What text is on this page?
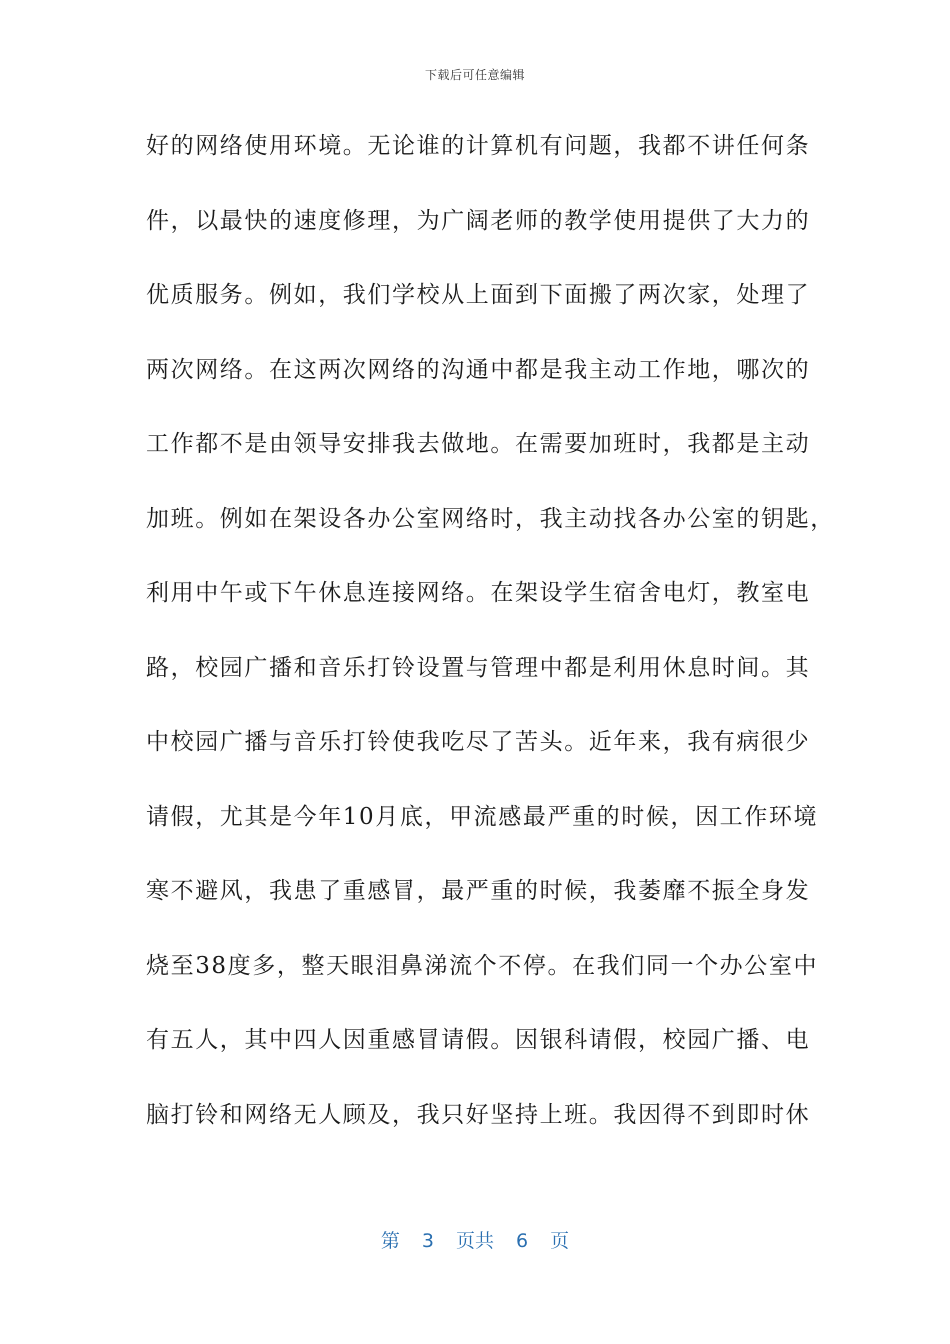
下载后可任意编辑
好的网络使用环境。无论谁的计算机有问题，我都不讲任何条
件，以最快的速度修理，为广阔老师的教学使用提供了大力的
优质服务。例如，我们学校从上面到下面搬了两次家，处理了
两次网络。在这两次网络的沟通中都是我主动工作地，哪次的
工作都不是由领导安排我去做地。在需要加班时，我都是主动
加班。例如在架设各办公室网络时，我主动找各办公室的钥匙，
利用中午或下午休息连接网络。在架设学生宿舍电灯，教室电
路，校园广播和音乐打铃设置与管理中都是利用休息时间。其
中校园广播与音乐打铃使我吃尽了苦头。近年来，我有病很少
请假，尤其是今年10月底，甲流感最严重的时候，因工作环境
寒不避风，我患了重感冒，最严重的时候，我萎靡不振全身发
烧至38度多，整天眼泪鼻涕流个不停。在我们同一个办公室中
有五人，其中四人因重感冒请假。因银科请假，校园广播、电
脑打铃和网络无人顾及，我只好坚持上班。我因得不到即时休
第 3 页共 6 页
